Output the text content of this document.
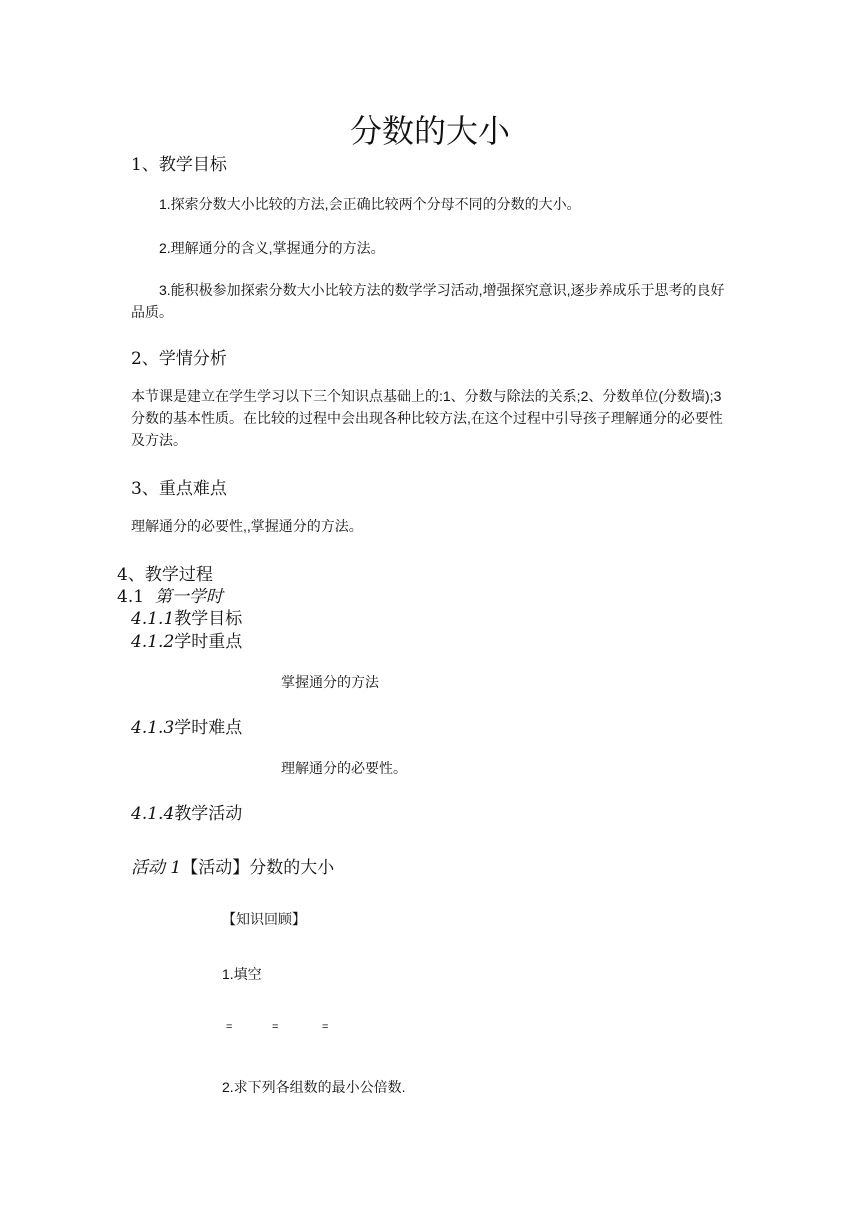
分数的大小
1、教学目标
1.探索分数大小比较的方法,会正确比较两个分母不同的分数的大小。
2.理解通分的含义,掌握通分的方法。

3.能积极参加探索分数大小比较方法的数学学习活动,增强探究意识,逐步养成乐于思考的良好品质。

2、学情分析

本节课是建立在学生学习以下三个知识点基础上的:1、分数与除法的关系;2、分数单位(分数墙);3 分数的基本性质。在比较的过程中会出现各种比较方法,在这个过程中引导孩子理解通分的必要性及方法。

3、重点难点
理解通分的必要性,,掌握通分的方法。
4、教学过程
4.1 第一学时
4.1.1教学目标
4.1.2学时重点
掌握通分的方法
4.1.3学时难点
理解通分的必要性。
4.1.4教学活动
活动 1【活动】分数的大小
【知识回顾】
1.填空
=	=	=
2.求下列各组数的最小公倍数.
